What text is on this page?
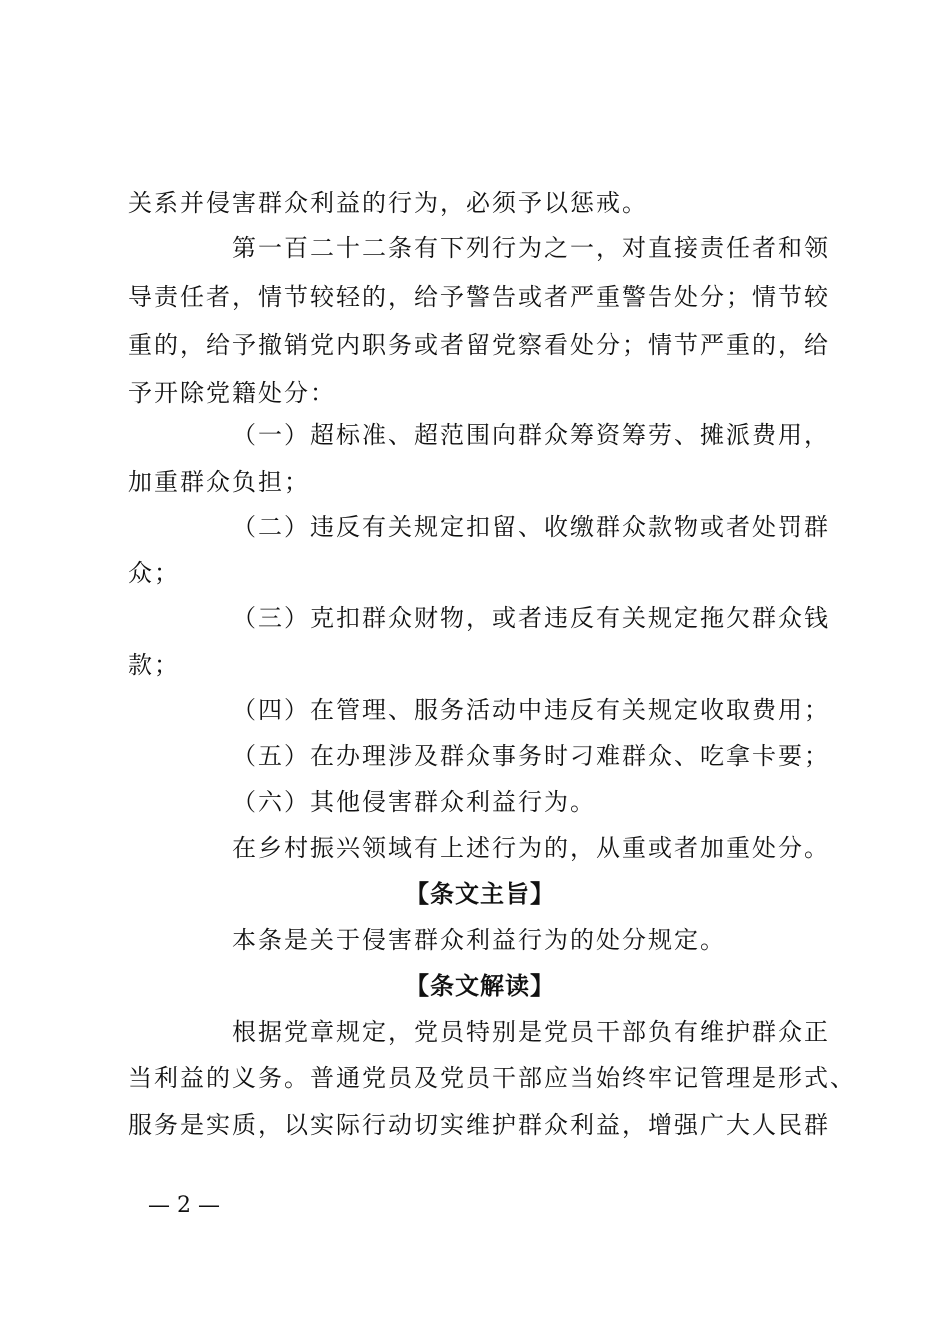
关系并侵害群众利益的行为，必须予以惩戒。
第一百二十二条有下列行为之一，对直接责任者和领
导责任者，情节较轻的，给予警告或者严重警告处分；情节较
重的，给予撤销党内职务或者留党察看处分；情节严重的，给
予开除党籍处分：
（一）超标准、超范围向群众筹资筹劳、摊派费用，
加重群众负担；
（二）违反有关规定扣留、收缴群众款物或者处罚群
众；
（三）克扣群众财物，或者违反有关规定拖欠群众钱
款；
（四）在管理、服务活动中违反有关规定收取费用；
（五）在办理涉及群众事务时刁难群众、吃拿卡要；
（六）其他侵害群众利益行为。
在乡村振兴领域有上述行为的，从重或者加重处分。
【条文主旨】
本条是关于侵害群众利益行为的处分规定。
【条文解读】
根据党章规定，党员特别是党员干部负有维护群众正
当利益的义务。普通党员及党员干部应当始终牢记管理是形式、
服务是实质，以实际行动切实维护群众利益，增强广大人民群
— 2 —
